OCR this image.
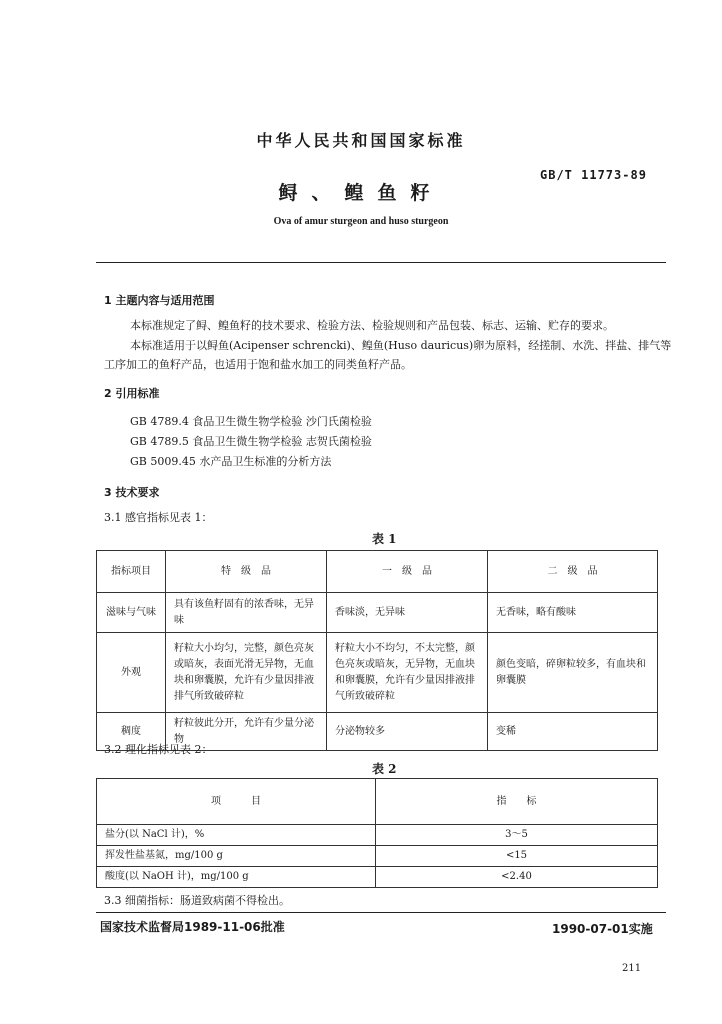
中华人民共和国国家标准
GB/T 11773-89
鲟、鳇鱼籽
Ova of amur sturgeon and huso sturgeon
1 主题内容与适用范围
本标准规定了鲟、鳇鱼籽的技术要求、检验方法、检验规则和产品包装、标志、运输、贮存的要求。
本标准适用于以鲟鱼(Acipenser schrencki)、鳇鱼(Huso dauricus)卵为原料，经搓制、水洗、拌盐、排气等
工序加工的鱼籽产品，也适用于饱和盐水加工的同类鱼籽产品。
2 引用标准
GB 4789.4 食品卫生微生物学检验 沙门氏菌检验
GB 4789.5 食品卫生微生物学检验 志贺氏菌检验
GB 5009.45 水产品卫生标准的分析方法
3 技术要求
3.1 感官指标见表 1：
表 1
指标项目	特　级　品	一　级　品	二　级　品
滋味与气味	具有该鱼籽固有的浓香味，无异味	香味淡，无异味	无香味，略有酸味
外观	籽粒大小均匀，完整，颜色亮灰或暗灰，表面光滑无异物，无血块和卵囊膜，允许有少量因排液排气所致破碎粒	籽粒大小不均匀，不太完整，颜色亮灰或暗灰，无异物，无血块和卵囊膜，允许有少量因排液排气所致破碎粒	颜色变暗，碎卵粒较多，有血块和卵囊膜
稠度	籽粒彼此分开，允许有少量分泌物	分泌物较多	变稀
3.2 理化指标见表 2：
表 2
项　　　目	指　　标
盐分(以 NaCl 计)，%	3～5
挥发性盐基氮，mg/100 g	<15
酸度(以 NaOH 计)，mg/100 g	<2.40
3.3 细菌指标：肠道致病菌不得检出。
国家技术监督局1989-11-06批准	1990-07-01实施
211
